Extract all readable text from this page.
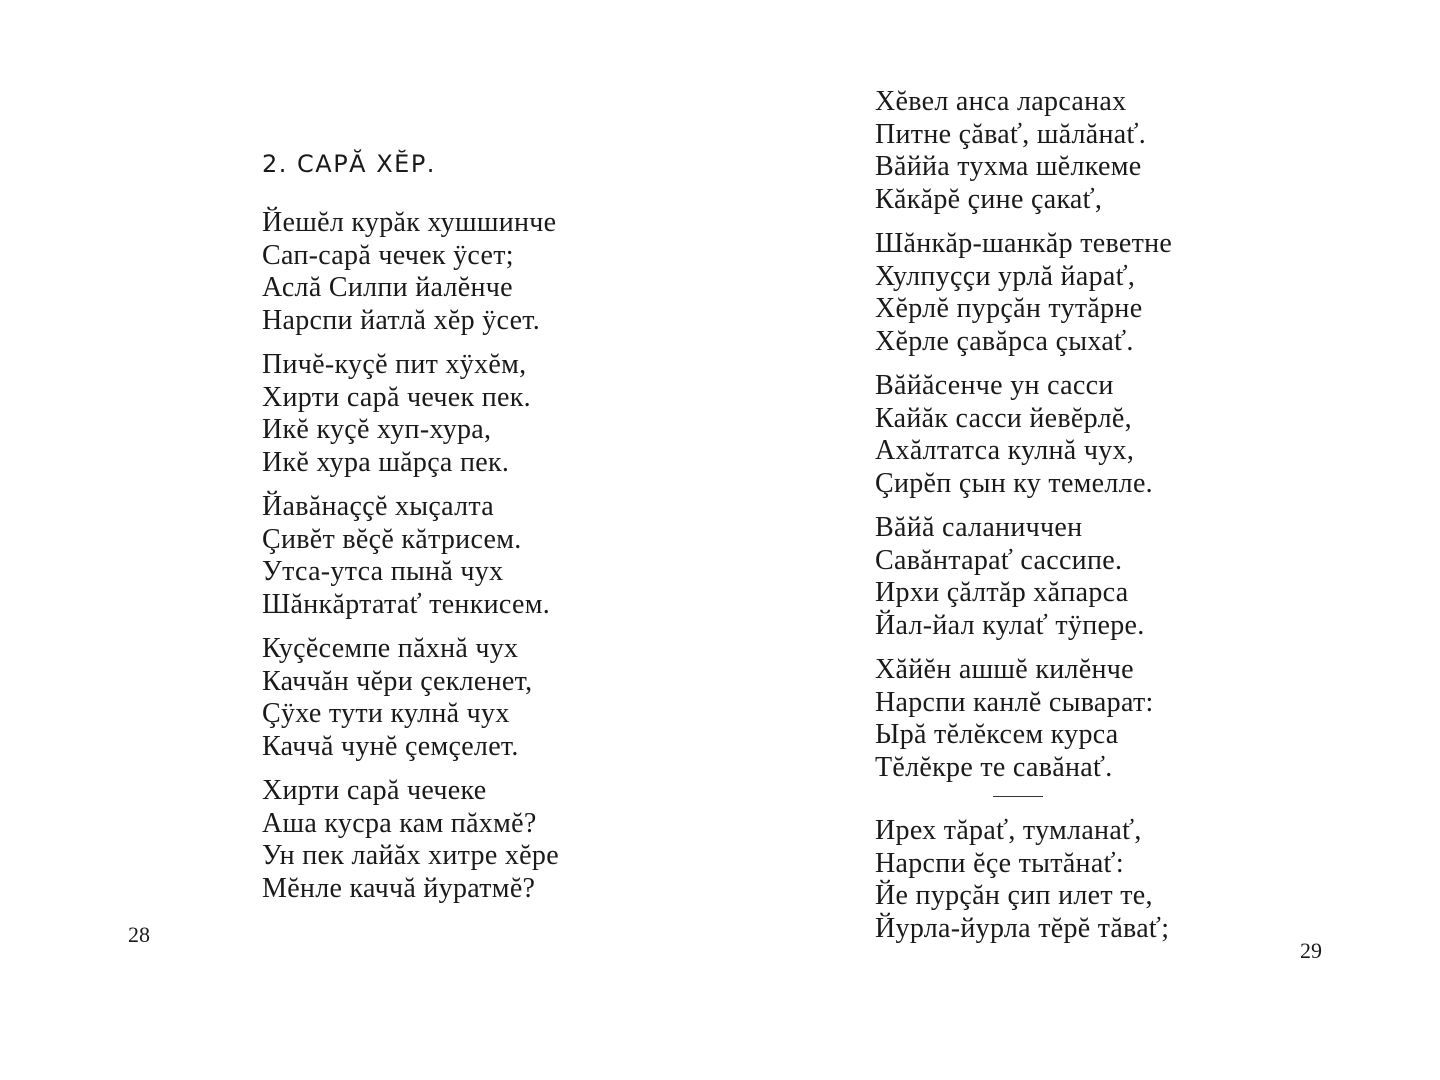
2. САРĂ ХĔР.
Йешĕл курăк хушшинче
Сап-сарă чечек ÿсет;
Аслă Силпи йалĕнче
Нарспи йатлă хĕр ÿсет.
Пичĕ-куçĕ пит хÿхĕм,
Хирти сарă чечек пек.
Икĕ куçĕ хуп-хура,
Икĕ хура шăрçа пек.
Йавăнаççĕ хыçалта
Çивĕт вĕçĕ кăтрисем.
Утса-утса пынă чух
Шăнкăртатаť тенкисем.
Куçĕсемпе пăхнă чух
Каччăн чĕри çекленет,
Çÿхе тути кулнă чух
Каччă чунĕ çемçелет.
Хирти сарă чечеке
Аша кусра кам пăхмĕ?
Ун пек лайăх хитре хĕре
Мĕнле каччă йуратмĕ?
28
Хĕвел анса ларсанах
Питне çăваť, шăлăнаť.
Вăййа тухма шĕлкеме
Кăкăрĕ çине çакаť,
Шăнкăр-шанкăр теветне
Хулпуççи урлă йараť,
Хĕрлĕ пурçăн тутăрне
Хĕрле çавăрса çыхаť.
Вăйăсенче ун сасси
Кайăк сасси йевĕрлĕ,
Ахăлтатса кулнă чух,
Çирĕп çын ку темелле.
Вăйă саланиччен
Савăнтараť сассипе.
Ирхи çăлтăр хăпарса
Йал-йал кулаť тÿпере.
Хăйĕн ашшĕ килĕнче
Нарспи канлĕ сыварат:
Ырă тĕлĕксем курса
Тĕлĕкре те савăнаť.
Ирех тăраť, тумланаť,
Нарспи ĕçе тытăнаť:
Йе пурçăн çип илет те,
Йурла-йурла тĕрĕ тăваť;
29
